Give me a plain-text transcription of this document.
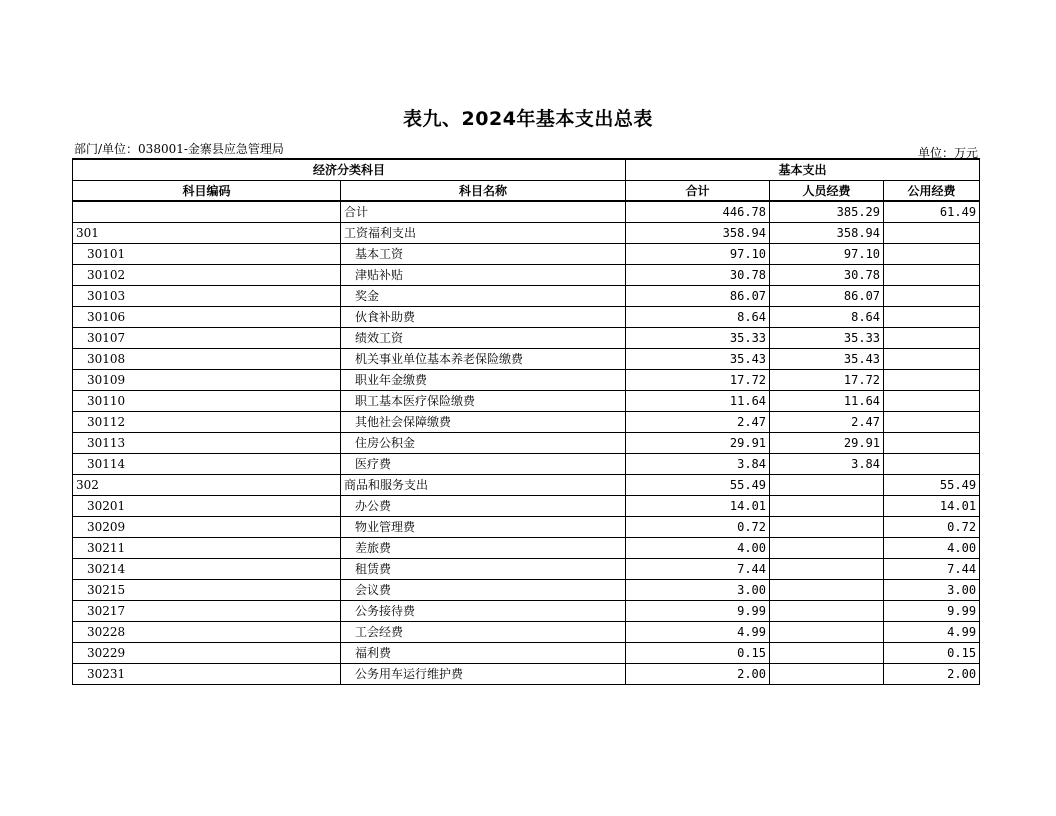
表九、2024年基本支出总表
部门/单位：038001-金寨县应急管理局	单位：万元
经济分类科目		基本支出		
科目编码	科目名称	合计	人员经费	公用经费
	合计	446.78	385.29	61.49
301	工资福利支出	358.94	358.94	
30101	基本工资	97.10	97.10	
30102	津贴补贴	30.78	30.78	
30103	奖金	86.07	86.07	
30106	伙食补助费	8.64	8.64	
30107	绩效工资	35.33	35.33	
30108	机关事业单位基本养老保险缴费	35.43	35.43	
30109	职业年金缴费	17.72	17.72	
30110	职工基本医疗保险缴费	11.64	11.64	
30112	其他社会保障缴费	2.47	2.47	
30113	住房公积金	29.91	29.91	
30114	医疗费	3.84	3.84	
302	商品和服务支出	55.49		55.49
30201	办公费	14.01		14.01
30209	物业管理费	0.72		0.72
30211	差旅费	4.00		4.00
30214	租赁费	7.44		7.44
30215	会议费	3.00		3.00
30217	公务接待费	9.99		9.99
30228	工会经费	4.99		4.99
30229	福利费	0.15		0.15
30231	公务用车运行维护费	2.00		2.00
